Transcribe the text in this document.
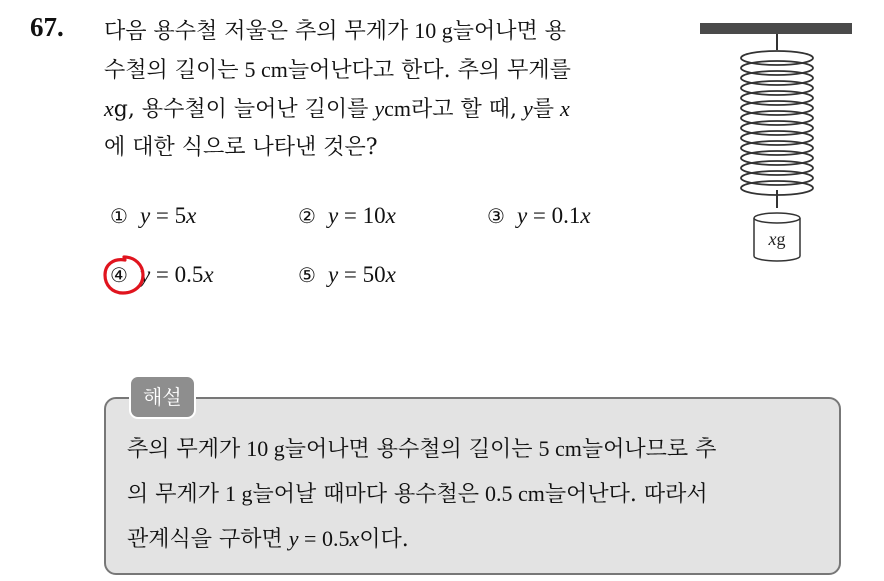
67. 다음 용수철 저울은 추의 무게가 10 g늘어나면 용
수철의 길이는 5 cm늘어난다고 한다. 추의 무게를
xg, 용수철이 늘어난 길이를 ycm라고 할 때, y를 x
에 대한 식으로 나타낸 것은?

① y = 5x	② y = 10x	③ y = 0.1x
④ y = 0.5x	⑤ y = 50x
xg
해설

추의 무게가 10 g늘어나면 용수철의 길이는 5 cm늘어나므로 추
의 무게가 1 g늘어날 때마다 용수철은 0.5 cm늘어난다. 따라서
관계식을 구하면 y = 0.5x이다.
